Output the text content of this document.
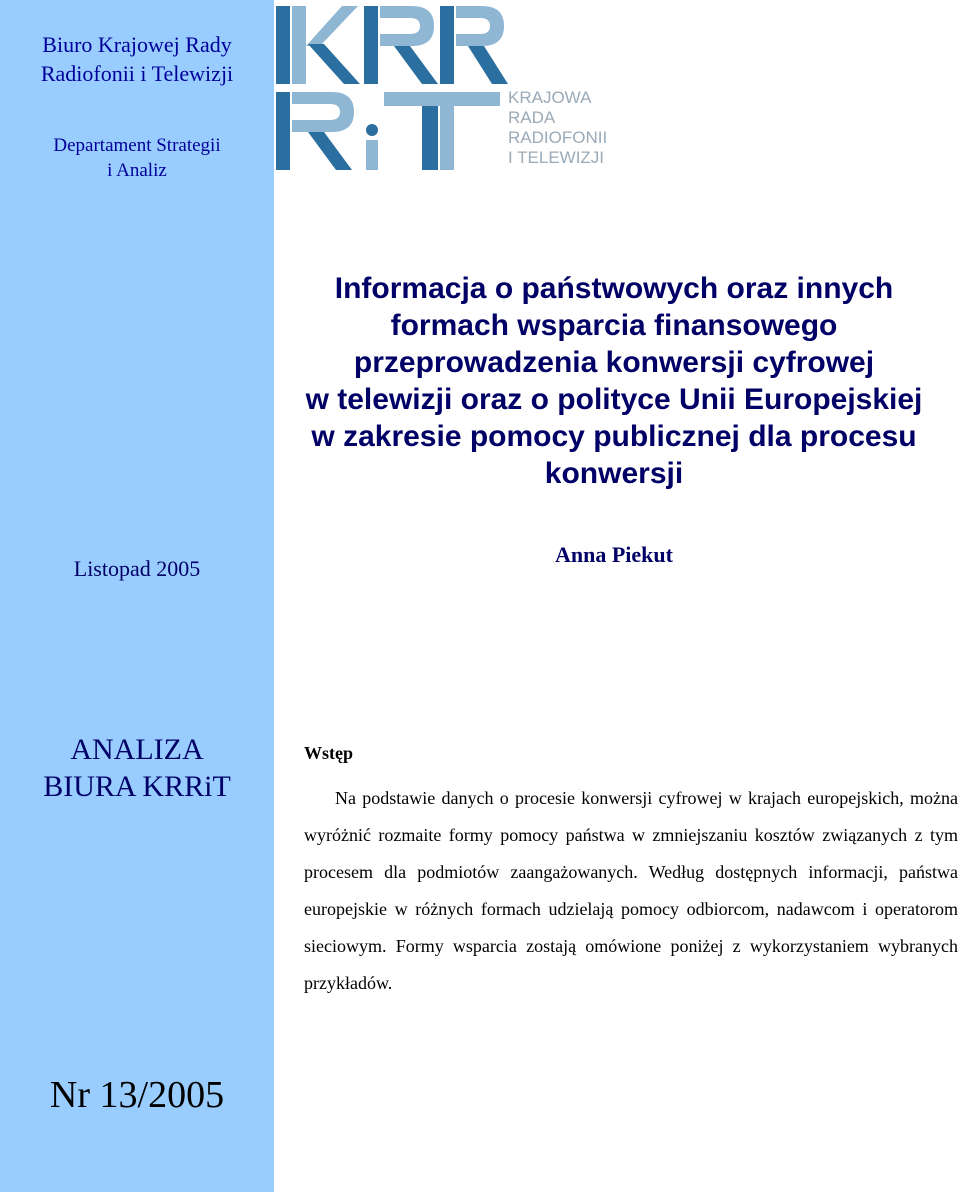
Biuro Krajowej Rady
Radiofonii i Telewizji
Departament Strategii
i Analiz
Listopad 2005
ANALIZA
BIURA KRRiT
Nr 13/2005
KRAJOWA
RADA
RADIOFONII
I TELEWIZJI
Informacja o państwowych oraz innych
formach wsparcia finansowego
przeprowadzenia konwersji cyfrowej
w telewizji oraz o polityce Unii Europejskiej
w zakresie pomocy publicznej dla procesu
konwersji
Anna Piekut
Wstęp
Na podstawie danych o procesie konwersji cyfrowej w krajach europejskich, można wyróżnić rozmaite formy pomocy państwa w zmniejszaniu kosztów związanych z tym procesem dla podmiotów zaangażowanych. Według dostępnych informacji, państwa europejskie w różnych formach udzielają pomocy odbiorcom, nadawcom i operatorom sieciowym. Formy wsparcia zostają omówione poniżej z wykorzystaniem wybranych przykładów.
